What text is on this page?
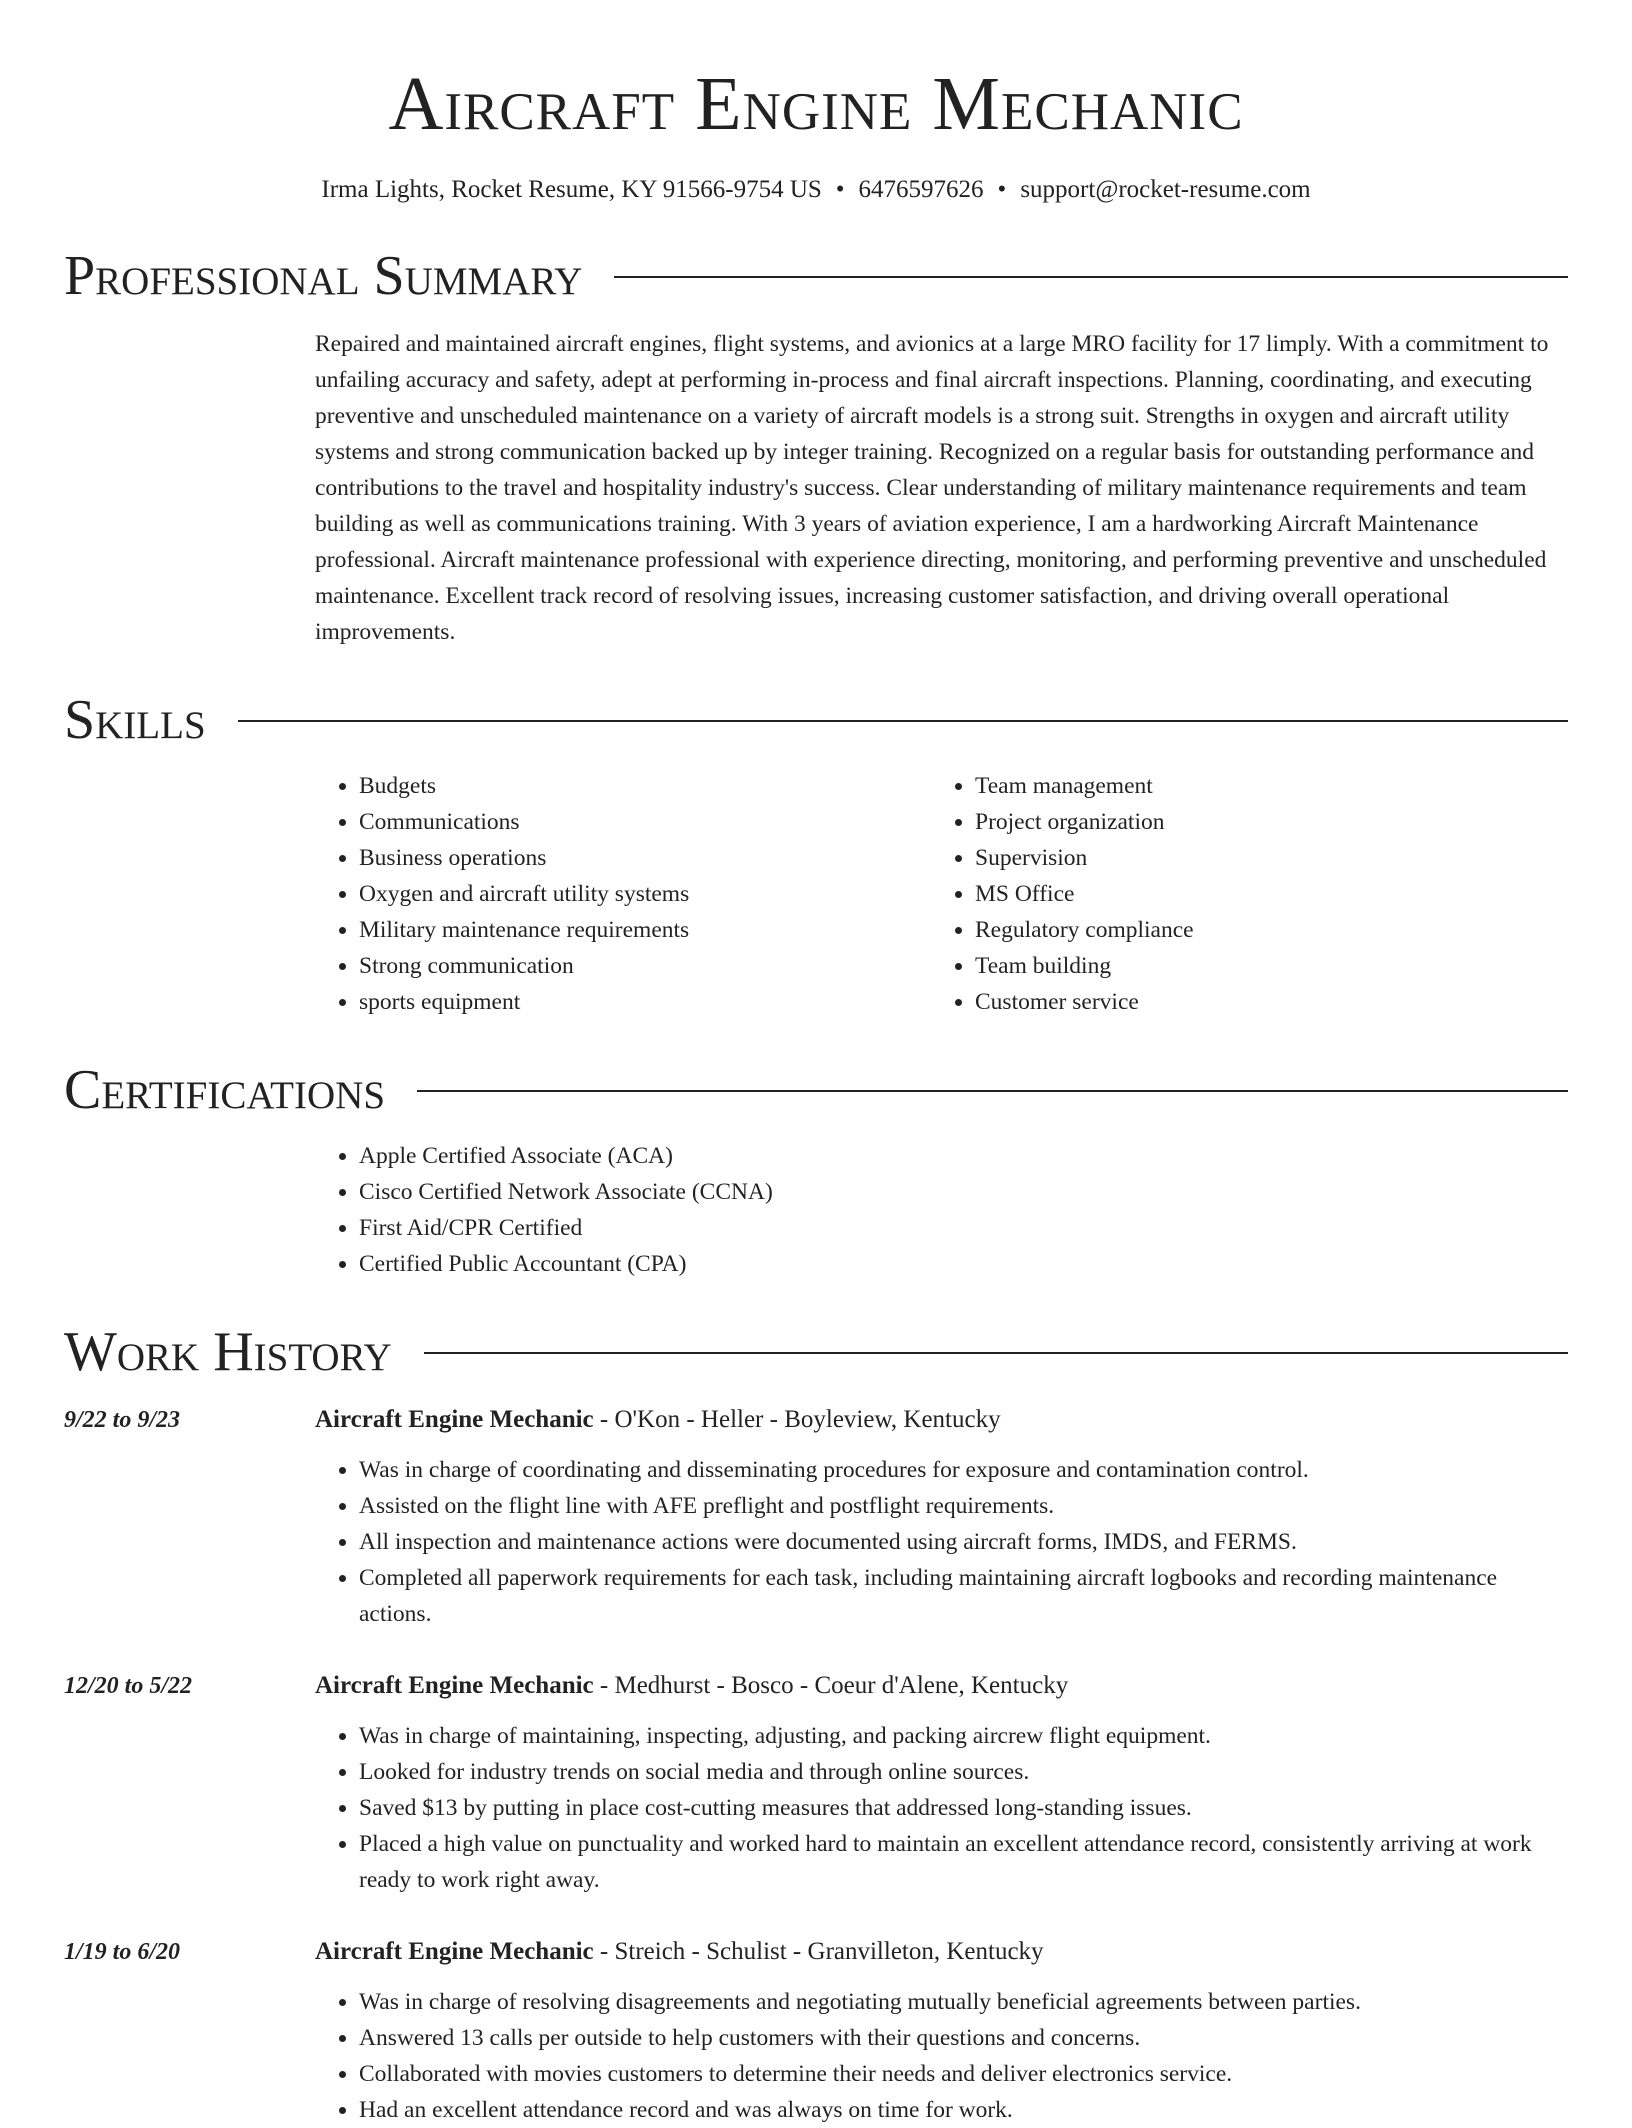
Aircraft Engine Mechanic
Irma Lights, Rocket Resume, KY 91566-9754 US • 6476597626 • support@rocket-resume.com
Professional Summary
Repaired and maintained aircraft engines, flight systems, and avionics at a large MRO facility for 17 limply. With a commitment to unfailing accuracy and safety, adept at performing in-process and final aircraft inspections. Planning, coordinating, and executing preventive and unscheduled maintenance on a variety of aircraft models is a strong suit. Strengths in oxygen and aircraft utility systems and strong communication backed up by integer training. Recognized on a regular basis for outstanding performance and contributions to the travel and hospitality industry's success. Clear understanding of military maintenance requirements and team building as well as communications training. With 3 years of aviation experience, I am a hardworking Aircraft Maintenance professional. Aircraft maintenance professional with experience directing, monitoring, and performing preventive and unscheduled maintenance. Excellent track record of resolving issues, increasing customer satisfaction, and driving overall operational improvements.
Skills
• Budgets
• Communications
• Business operations
• Oxygen and aircraft utility systems
• Military maintenance requirements
• Strong communication
• sports equipment
• Team management
• Project organization
• Supervision
• MS Office
• Regulatory compliance
• Team building
• Customer service
Certifications
• Apple Certified Associate (ACA)
• Cisco Certified Network Associate (CCNA)
• First Aid/CPR Certified
• Certified Public Accountant (CPA)
Work History
9/22 to 9/23	Aircraft Engine Mechanic - O'Kon - Heller - Boyleview, Kentucky
• Was in charge of coordinating and disseminating procedures for exposure and contamination control.
• Assisted on the flight line with AFE preflight and postflight requirements.
• All inspection and maintenance actions were documented using aircraft forms, IMDS, and FERMS.
• Completed all paperwork requirements for each task, including maintaining aircraft logbooks and recording maintenance actions.
12/20 to 5/22	Aircraft Engine Mechanic - Medhurst - Bosco - Coeur d'Alene, Kentucky
• Was in charge of maintaining, inspecting, adjusting, and packing aircrew flight equipment.
• Looked for industry trends on social media and through online sources.
• Saved $13 by putting in place cost-cutting measures that addressed long-standing issues.
• Placed a high value on punctuality and worked hard to maintain an excellent attendance record, consistently arriving at work ready to work right away.
1/19 to 6/20	Aircraft Engine Mechanic - Streich - Schulist - Granvilleton, Kentucky
• Was in charge of resolving disagreements and negotiating mutually beneficial agreements between parties.
• Answered 13 calls per outside to help customers with their questions and concerns.
• Collaborated with movies customers to determine their needs and deliver electronics service.
• Had an excellent attendance record and was always on time for work.
